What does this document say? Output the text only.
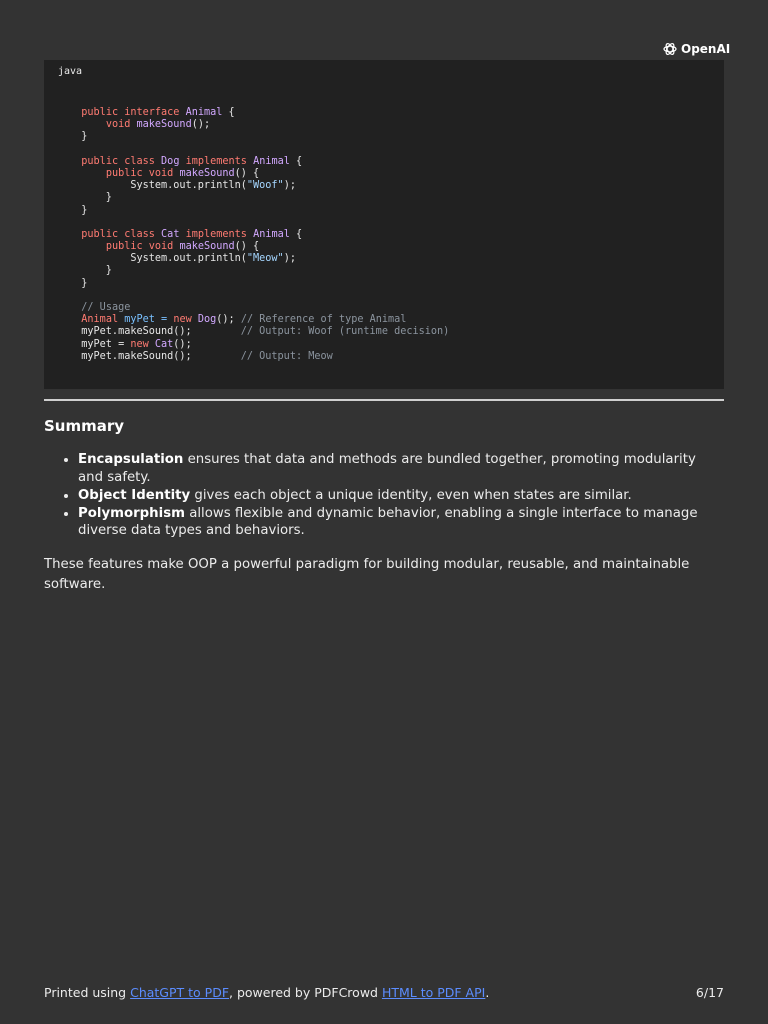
OpenAI
java
public interface Animal {
void makeSound();
}
public class Dog implements Animal {
public void makeSound() {
System.out.println("Woof");
}
}
public class Cat implements Animal {
public void makeSound() {
System.out.println("Meow");
}
}
// Usage
Animal myPet = new Dog(); // Reference of type Animal
myPet.makeSound();        // Output: Woof (runtime decision)
myPet = new Cat();
myPet.makeSound();        // Output: Meow
Summary
• Encapsulation ensures that data and methods are bundled together, promoting modularity and safety.
• Object Identity gives each object a unique identity, even when states are similar.
• Polymorphism allows flexible and dynamic behavior, enabling a single interface to manage diverse data types and behaviors.

These features make OOP a powerful paradigm for building modular, reusable, and maintainable software.

Printed using ChatGPT to PDF, powered by PDFCrowd HTML to PDF API.	6/17
